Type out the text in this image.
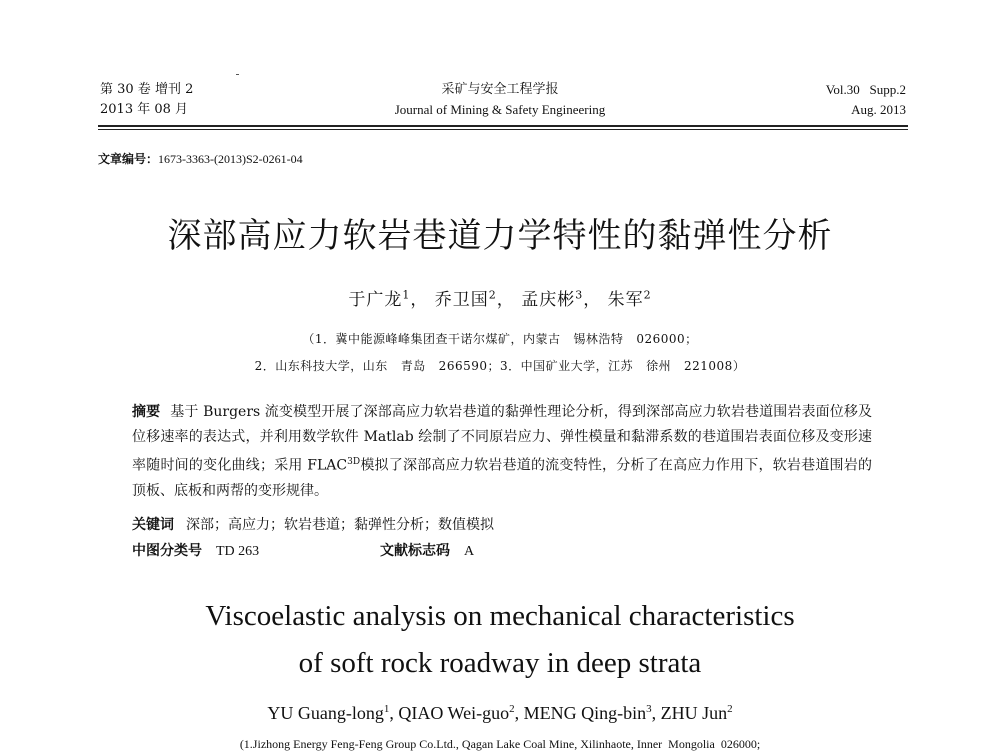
第 30 卷 增刊 2
2013 年 08 月
采矿与安全工程学报
Journal of Mining & Safety Engineering
Vol.30   Supp.2
Aug. 2013
文章编号：1673-3363-(2013)S2-0261-04
深部高应力软岩巷道力学特性的黏弹性分析
于广龙$^1$， 乔卫国$^2$， 孟庆彬$^3$， 朱军$^2$
（1．冀中能源峰峰集团查干诺尔煤矿，内蒙古   锡林浩特   026000；
2．山东科技大学，山东   青岛   266590；3．中国矿业大学，江苏   徐州   221008）
摘要 基于 Burgers 流变模型开展了深部高应力软岩巷道的黏弹性理论分析，得到深部高应力软岩巷道围岩表面位移及位移速率的表达式，并利用数学软件 Matlab 绘制了不同原岩应力、弹性模量和黏滞系数的巷道围岩表面位移及变形速率随时间的变化曲线；采用 $FLAC^{3D}$模拟了深部高应力软岩巷道的流变特性，分析了在高应力作用下，软岩巷道围岩的顶板、底板和两帮的变形规律。
关键词 深部；高应力；软岩巷道；黏弹性分析；数值模拟
中图分类号 TD 263	文献标志码 A
Viscoelastic analysis on mechanical characteristics
of soft rock roadway in deep strata
YU Guang-long$^1$, QIAO Wei-guo$^2$, MENG Qing-bin$^3$, ZHU Jun$^2$
(1.Jizhong Energy Feng-Feng Group Co.Ltd., Qagan Lake Coal Mine, Xilinhaote, Inner  Mongolia  026000;
